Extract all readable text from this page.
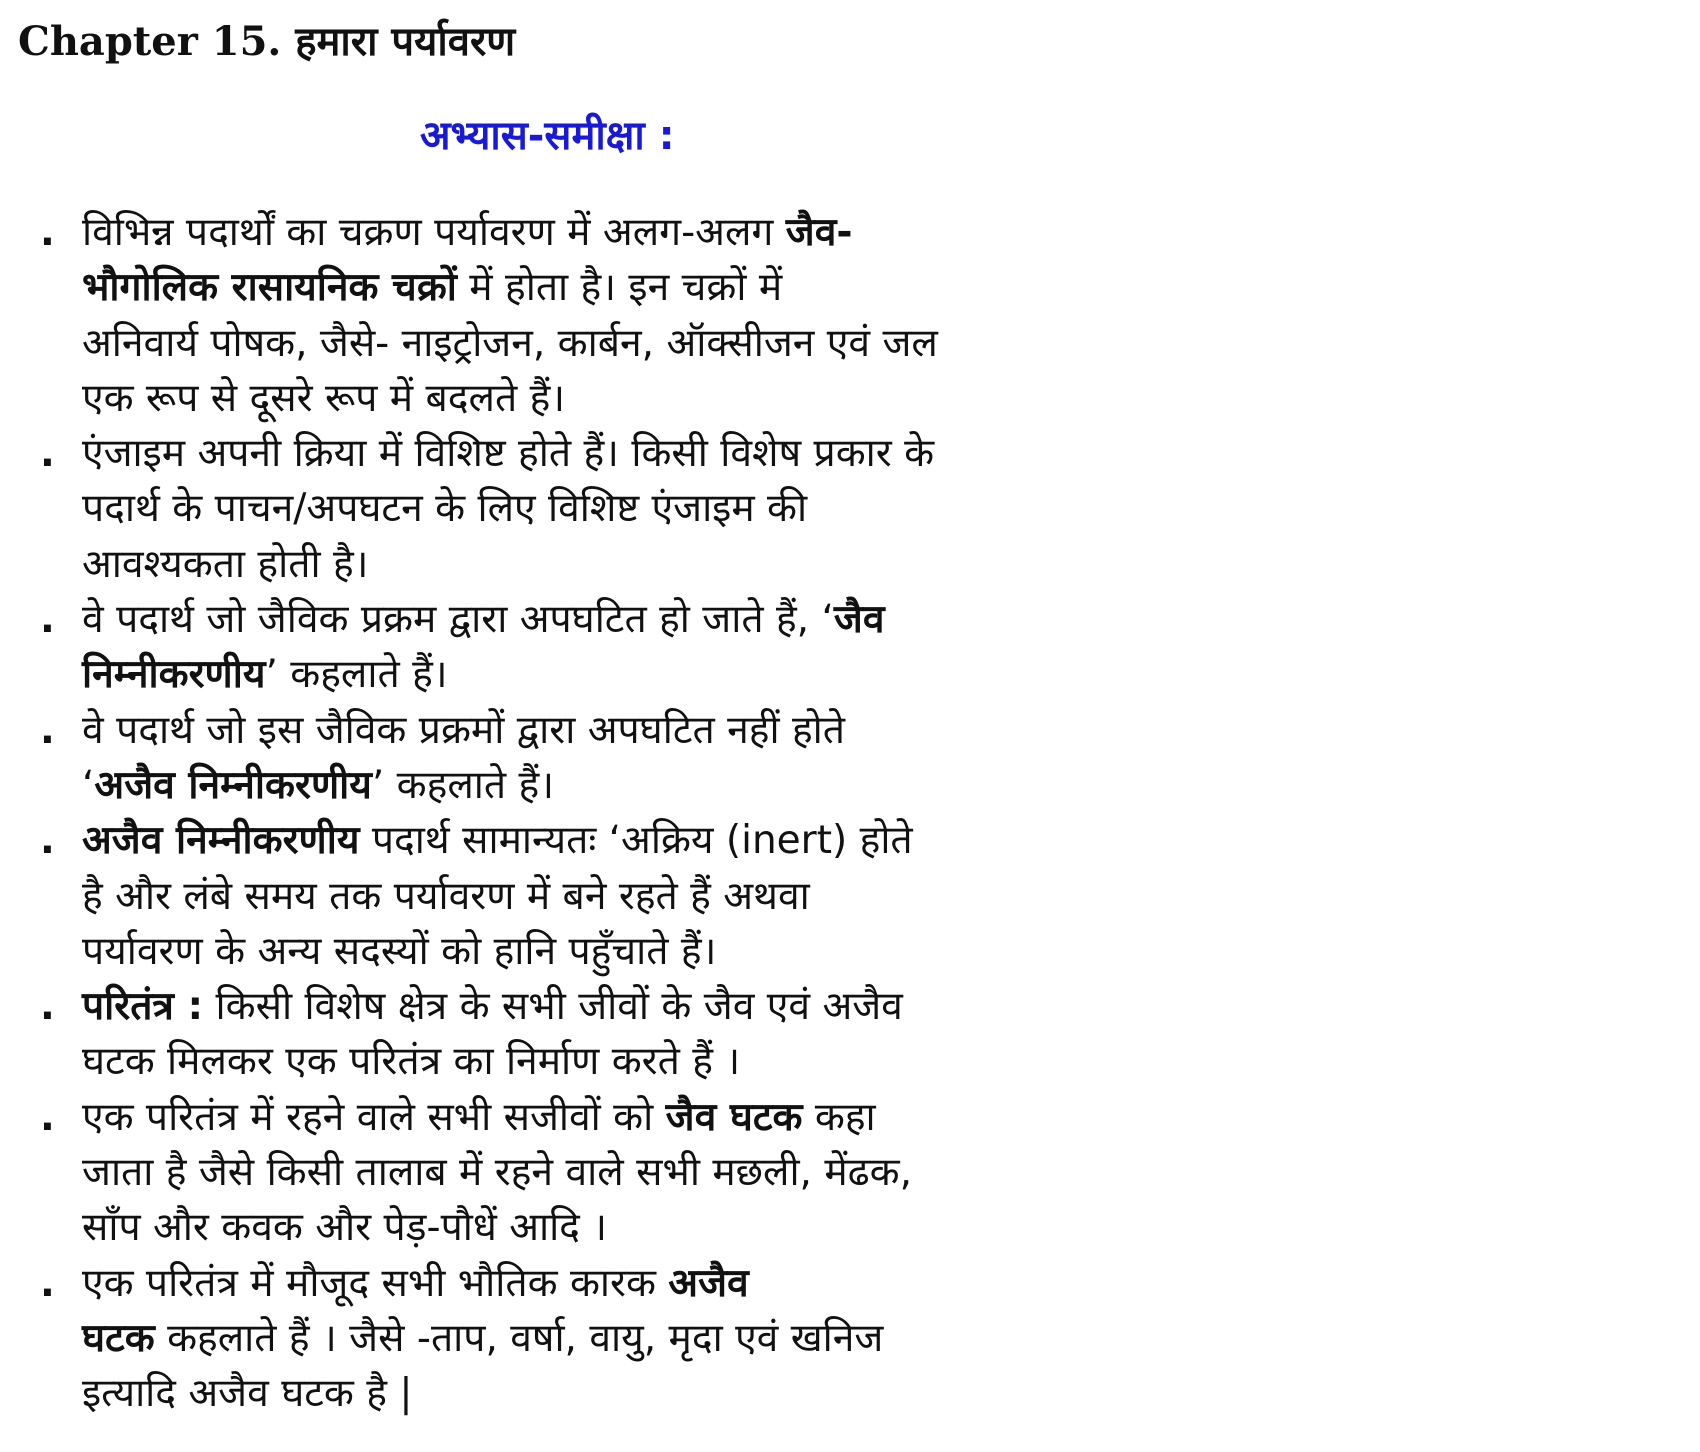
Chapter 15. हमारा पर्यावरण
अभ्यास-समीक्षा :
. विभिन्न पदार्थों का चक्रण पर्यावरण में अलग-अलग जैव-
भौगोलिक रासायनिक चक्रों में होता है। इन चक्रों में
अनिवार्य पोषक, जैसे- नाइट्रोजन, कार्बन, ऑक्सीजन एवं जल
एक रूप से दूसरे रूप में बदलते हैं।
. एंजाइम अपनी क्रिया में विशिष्ट होते हैं। किसी विशेष प्रकार के
पदार्थ के पाचन/अपघटन के लिए विशिष्ट एंजाइम की
आवश्यकता होती है।
. वे पदार्थ जो जैविक प्रक्रम द्वारा अपघटित हो जाते हैं, ‘जैव
निम्नीकरणीय’ कहलाते हैं।
. वे पदार्थ जो इस जैविक प्रक्रमों द्वारा अपघटित नहीं होते
‘अजैव निम्नीकरणीय’ कहलाते हैं।
. अजैव निम्नीकरणीय पदार्थ सामान्यतः ‘अक्रिय (inert) होते
है और लंबे समय तक पर्यावरण में बने रहते हैं अथवा
पर्यावरण के अन्य सदस्यों को हानि पहुँचाते हैं।
. परितंत्र : किसी विशेष क्षेत्र के सभी जीवों के जैव एवं अजैव
घटक मिलकर एक परितंत्र का निर्माण करते हैं ।
. एक परितंत्र में रहने वाले सभी सजीवों को जैव घटक कहा
जाता है जैसे किसी तालाब में रहने वाले सभी मछली, मेंढक,
साँप और कवक और पेड़-पौधें आदि ।
. एक परितंत्र में मौजूद सभी भौतिक कारक अजैव
घटक कहलाते हैं । जैसे -ताप, वर्षा, वायु, मृदा एवं खनिज
इत्यादि अजैव घटक है |
